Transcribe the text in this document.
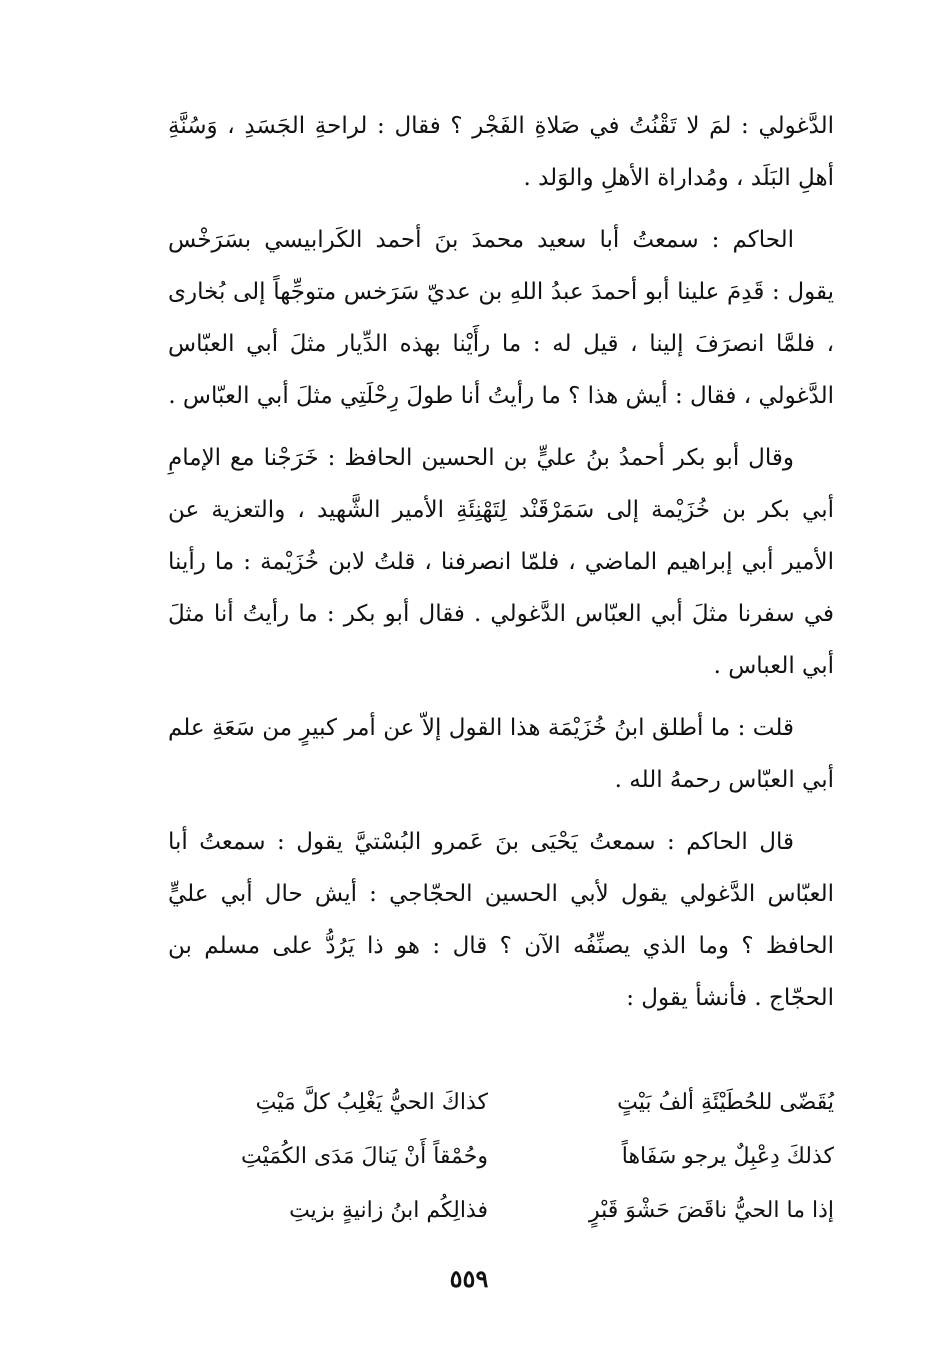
الدَّغولي : لمَ لا تَقْنُتُ في صَلاةِ الفَجْر ؟ فقال : لراحةِ الجَسَدِ ، وَسُنَّةِ أهلِ البَلَد ، ومُداراة الأهلِ والوَلد .

الحاكم : سمعتُ أبا سعيد محمدَ بنَ أحمد الكَرابيسي بسَرَخْس يقول : قَدِمَ علينا أبو أحمدَ عبدُ اللهِ بن عديّ سَرَخس متوجِّهاً إلى بُخارى ، فلمَّا انصرَفَ إلينا ، قيل له : ما رأَيْنا بهذه الدِّيار مثلَ أبي العبّاس الدَّغولي ، فقال : أيش هذا ؟ ما رأيتُ أنا طولَ رِحْلَتِي مثلَ أبي العبّاس .

وقال أبو بكر أحمدُ بنُ عليٍّ بن الحسين الحافظ : خَرَجْنا مع الإمامِ أبي بكر بن خُزَيْمة إلى سَمَرْقَنْد لِتَهْنِئَةِ الأمير الشَّهيد ، والتعزية عن الأمير أبي إبراهيم الماضي ، فلمّا انصرفنا ، قلتُ لابن خُزَيْمة : ما رأينا في سفرنا مثلَ أبي العبّاس الدَّغولي . فقال أبو بكر : ما رأيتُ أنا مثلَ أبي العباس .

قلت : ما أطلق ابنُ خُزَيْمَة هذا القول إلاّ عن أمر كبيرٍ من سَعَةِ علم أبي العبّاس رحمهُ الله .

قال الحاكم : سمعتُ يَحْيَى بنَ عَمرو البُسْتيَّ يقول : سمعتُ أبا العبّاس الدَّغولي يقول لأبي الحسين الحجّاجي : أيش حال أبي عليٍّ الحافظ ؟ وما الذي يصنِّفُه الآن ؟ قال : هو ذا يَرُدُّ على مسلم بن الحجّاج . فأنشأ يقول :

يُقَضّى للحُطَيْئَةِ ألفُ بَيْتٍ
كذاكَ الحيُّ يَغْلِبُ كلَّ مَيْتِ
كذلكَ دِعْبِلٌ يرجو سَفَاهاً
وحُمْقاً أَنْ يَنالَ مَدَى الكُمَيْتِ
إذا ما الحيُّ ناقَضَ حَشْوَ قَبْرٍ
فذالِكُم ابنُ زانيةٍ بزيتِ
٥٥٩
